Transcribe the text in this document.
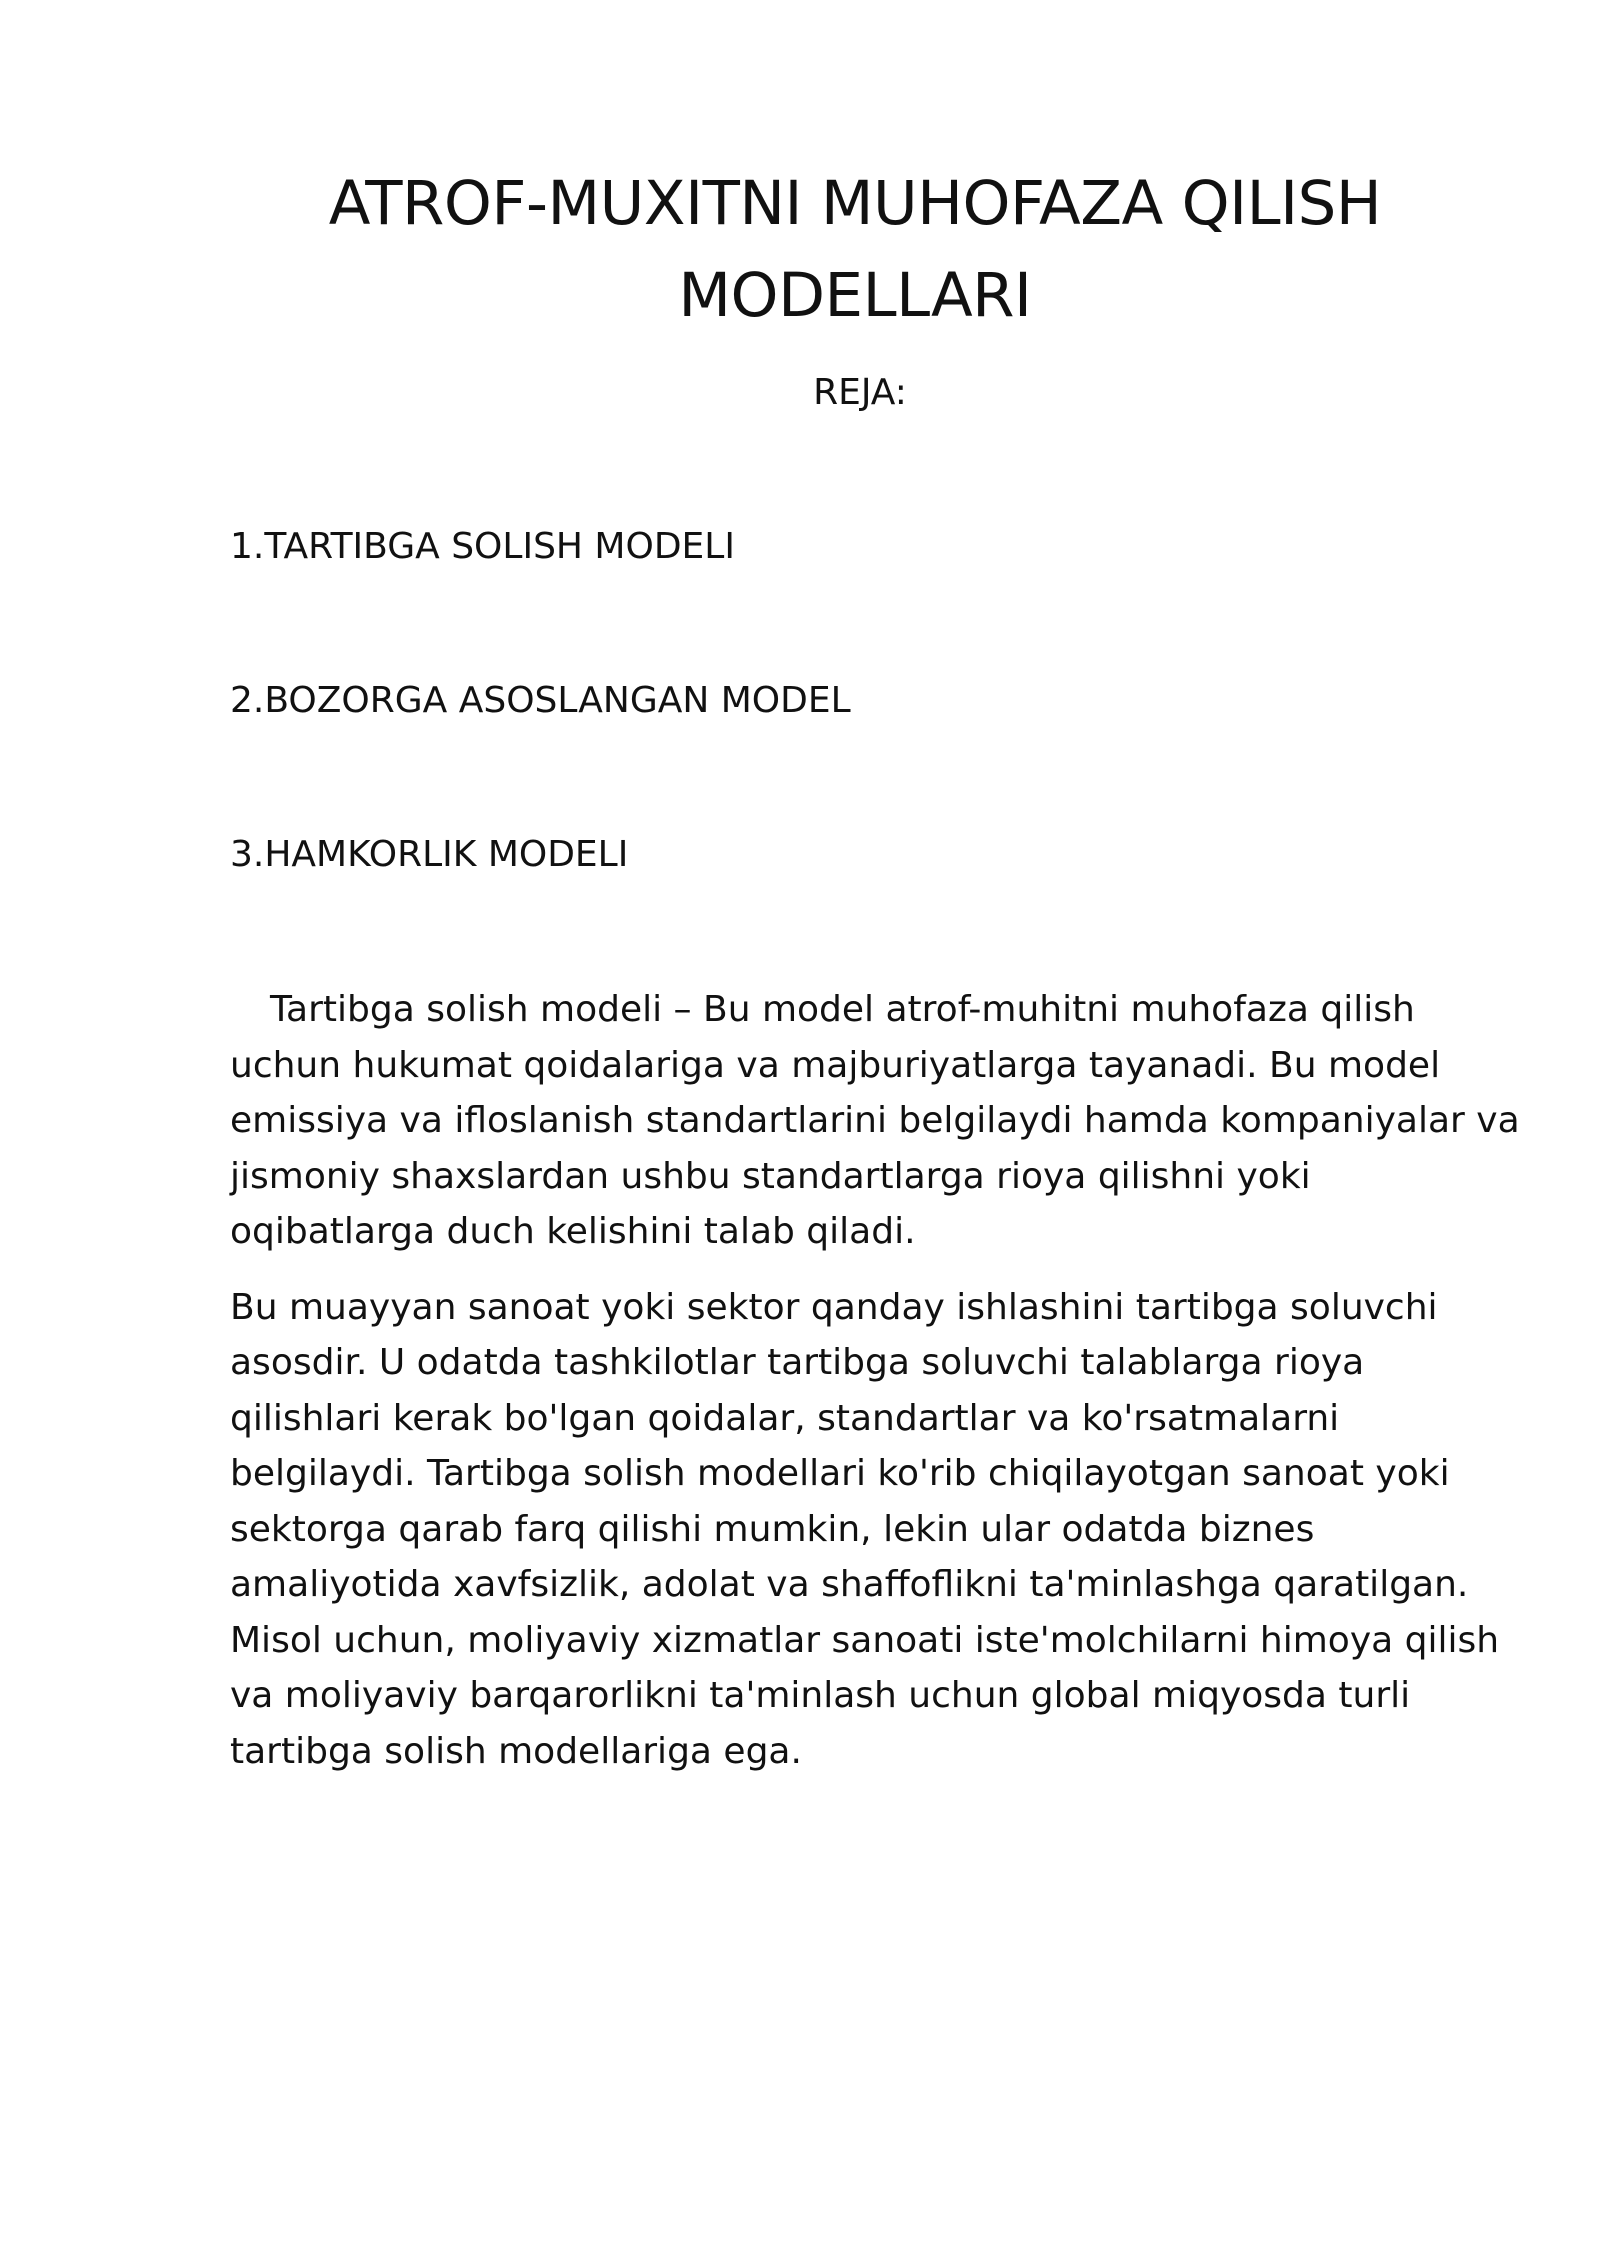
ATROF-MUXITNI MUHOFAZA QILISH MODELLARI
REJA:
1.TARTIBGA SOLISH MODELI
2.BOZORGA ASOSLANGAN MODEL
3.HAMKORLIK MODELI

Tartibga solish modeli – Bu model atrof-muhitni muhofaza qilish uchun hukumat qoidalariga va majburiyatlarga tayanadi. Bu model emissiya va ifloslanish standartlarini belgilaydi hamda kompaniyalar va jismoniy shaxslardan ushbu standartlarga rioya qilishni yoki oqibatlarga duch kelishini talab qiladi.

Bu muayyan sanoat yoki sektor qanday ishlashini tartibga soluvchi asosdir. U odatda tashkilotlar tartibga soluvchi talablarga rioya qilishlari kerak bo'lgan qoidalar, standartlar va ko'rsatmalarni belgilaydi. Tartibga solish modellari ko'rib chiqilayotgan sanoat yoki sektorga qarab farq qilishi mumkin, lekin ular odatda biznes amaliyotida xavfsizlik, adolat va shaffoflikni ta'minlashga qaratilgan. Misol uchun, moliyaviy xizmatlar sanoati iste'molchilarni himoya qilish va moliyaviy barqarorlikni ta'minlash uchun global miqyosda turli tartibga solish modellariga ega.
